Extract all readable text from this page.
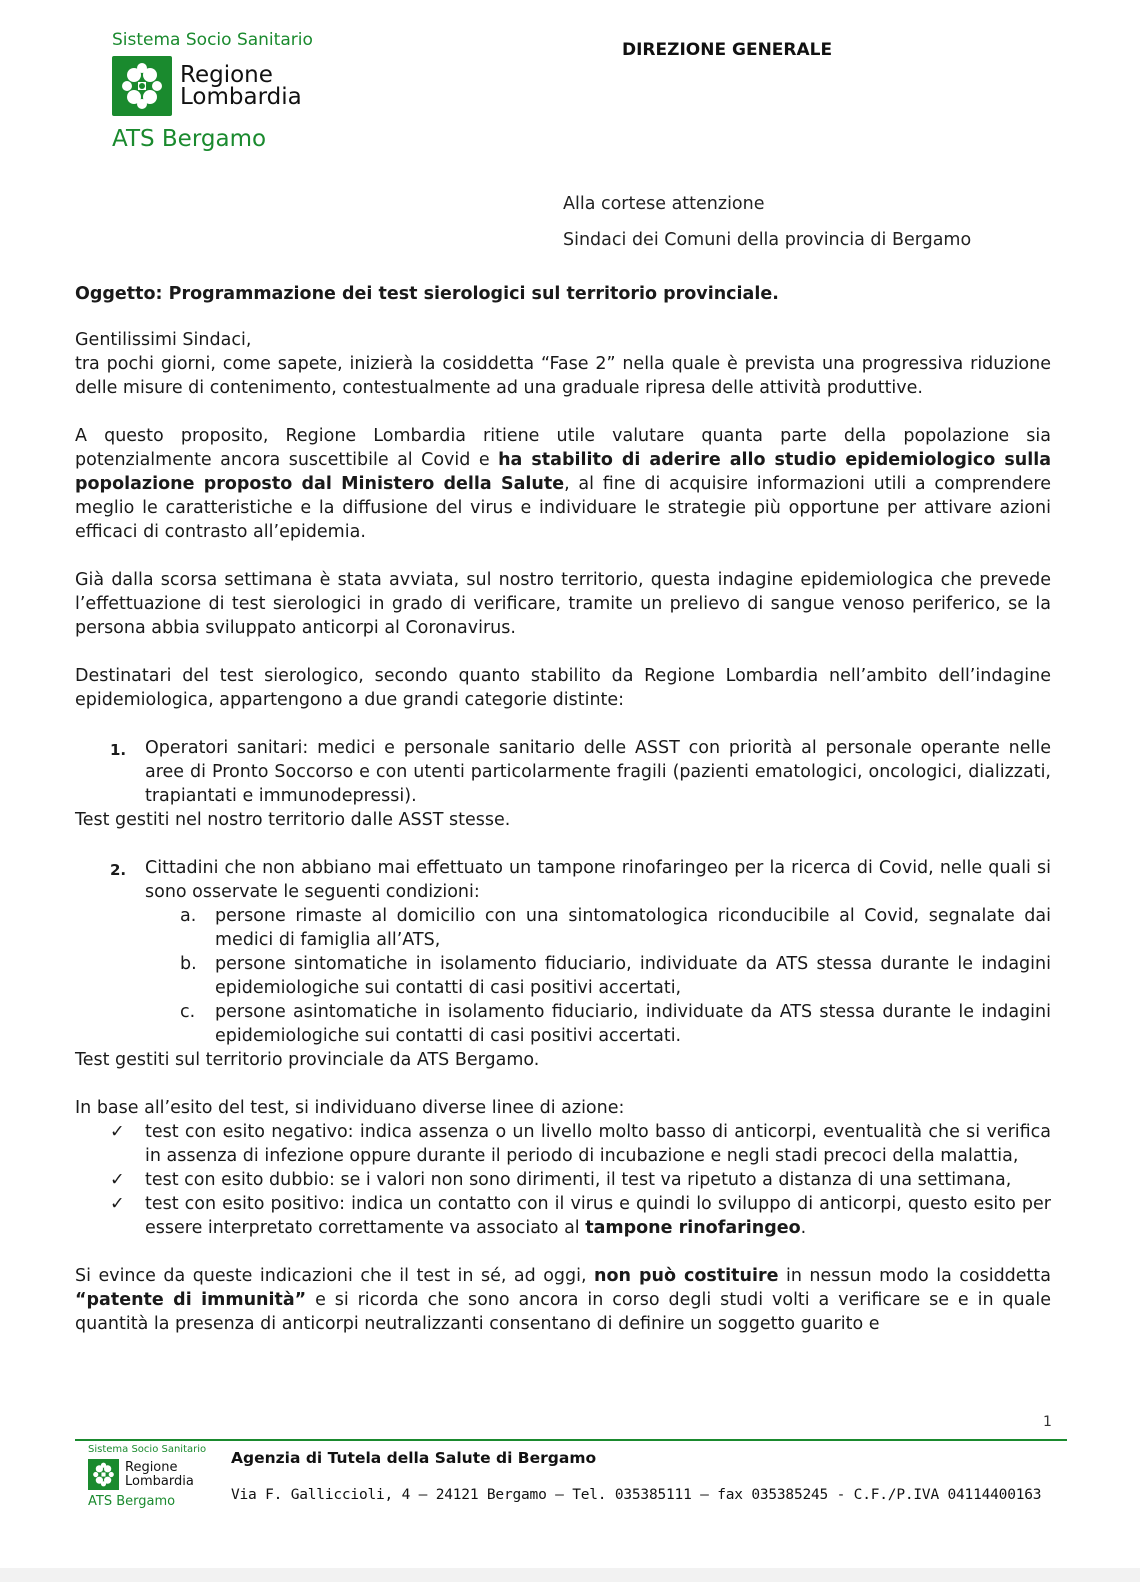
Sistema Socio Sanitario
Regione
Lombardia
ATS Bergamo
DIREZIONE GENERALE
Alla cortese attenzione
Sindaci dei Comuni della provincia di Bergamo

Oggetto: Programmazione dei test sierologici sul territorio provinciale.

Gentilissimi Sindaci,

tra pochi giorni, come sapete, inizierà la cosiddetta “Fase 2” nella quale è prevista una progressiva riduzione delle misure di contenimento, contestualmente ad una graduale ripresa delle attività produttive.

A questo proposito, Regione Lombardia ritiene utile valutare quanta parte della popolazione sia potenzialmente ancora suscettibile al Covid e ha stabilito di aderire allo studio epidemiologico sulla popolazione proposto dal Ministero della Salute, al fine di acquisire informazioni utili a comprendere meglio le caratteristiche e la diffusione del virus e individuare le strategie più opportune per attivare azioni efficaci di contrasto all’epidemia.

Già dalla scorsa settimana è stata avviata, sul nostro territorio, questa indagine epidemiologica che prevede l’effettuazione di test sierologici in grado di verificare, tramite un prelievo di sangue venoso periferico, se la persona abbia sviluppato anticorpi al Coronavirus.

Destinatari del test sierologico, secondo quanto stabilito da Regione Lombardia nell’ambito dell’indagine epidemiologica, appartengono a due grandi categorie distinte:

1.	Operatori sanitari: medici e personale sanitario delle ASST con priorità al personale operante nelle aree di Pronto Soccorso e con utenti particolarmente fragili (pazienti ematologici, oncologici, dializzati, trapiantati e immunodepressi).

Test gestiti nel nostro territorio dalle ASST stesse.

2.	Cittadini che non abbiano mai effettuato un tampone rinofaringeo per la ricerca di Covid, nelle quali si sono osservate le seguenti condizioni:
a.	persone rimaste al domicilio con una sintomatologica riconducibile al Covid, segnalate dai medici di famiglia all’ATS,
b.	persone sintomatiche in isolamento fiduciario, individuate da ATS stessa durante le indagini epidemiologiche sui contatti di casi positivi accertati,
c.	persone asintomatiche in isolamento fiduciario, individuate da ATS stessa durante le indagini epidemiologiche sui contatti di casi positivi accertati.

Test gestiti sul territorio provinciale da ATS Bergamo.

In base all’esito del test, si individuano diverse linee di azione:

✓	test con esito negativo: indica assenza o un livello molto basso di anticorpi, eventualità che si verifica in assenza di infezione oppure durante il periodo di incubazione e negli stadi precoci della malattia,
✓	test con esito dubbio: se i valori non sono dirimenti, il test va ripetuto a distanza di una settimana,
✓	test con esito positivo: indica un contatto con il virus e quindi lo sviluppo di anticorpi, questo esito per essere interpretato correttamente va associato al tampone rinofaringeo.

Si evince da queste indicazioni che il test in sé, ad oggi, non può costituire in nessun modo la cosiddetta “patente di immunità” e si ricorda che sono ancora in corso degli studi volti a verificare se e in quale quantità la presenza di anticorpi neutralizzanti consentano di definire un soggetto guarito e

1
Sistema Socio Sanitario
Regione
Lombardia
ATS Bergamo
Agenzia di Tutela della Salute di Bergamo
Via F. Galliccioli, 4 – 24121 Bergamo – Tel. 035385111 – fax 035385245 - C.F./P.IVA 04114400163
